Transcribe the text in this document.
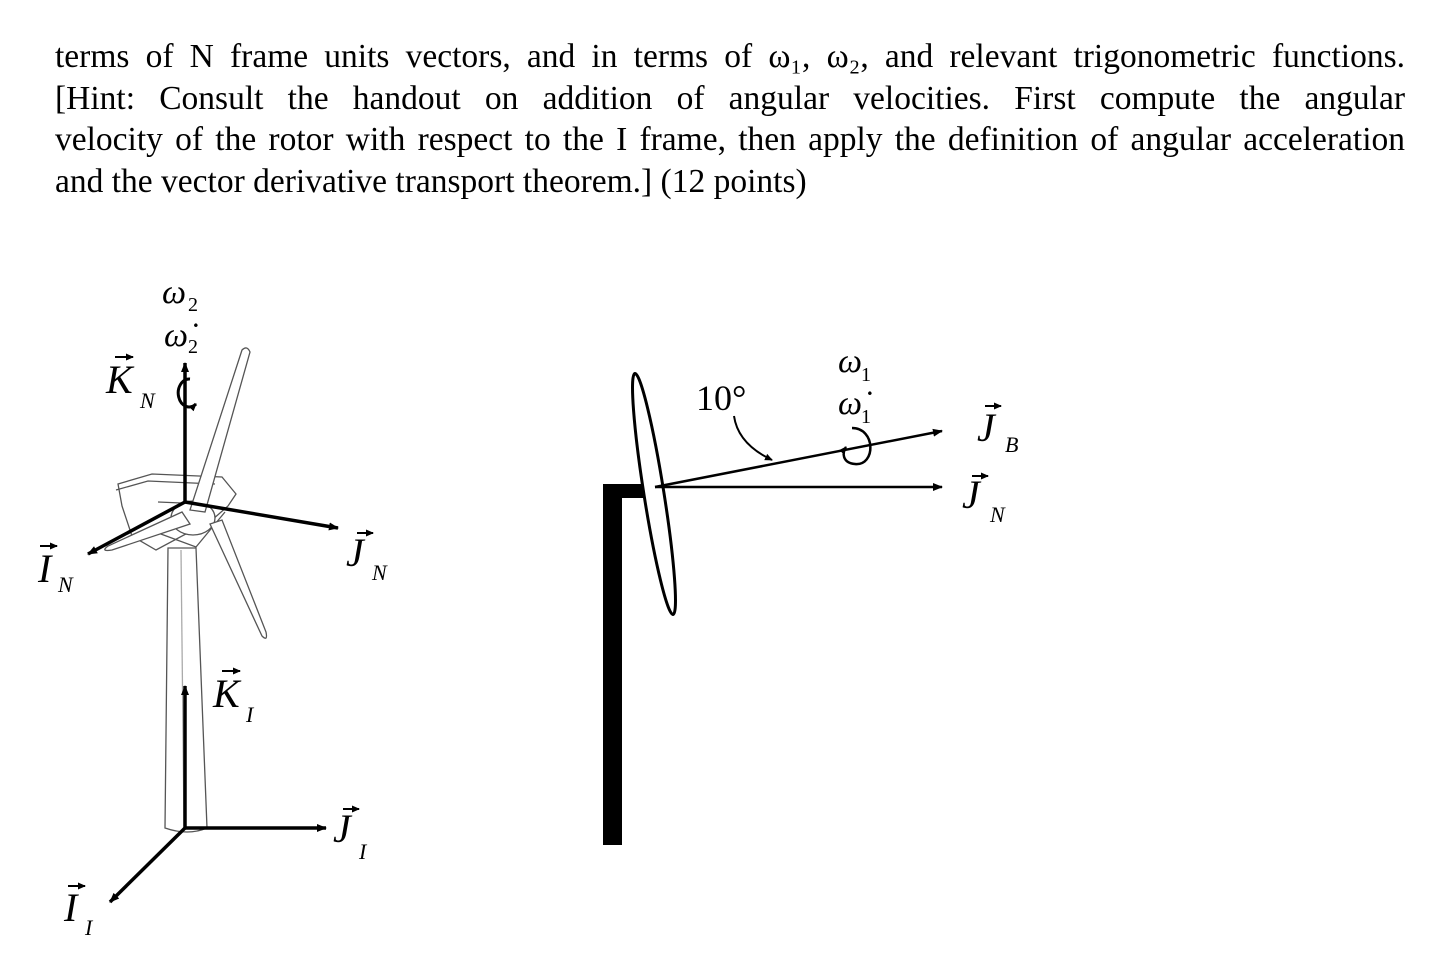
terms of N frame units vectors, and in terms of ω₁, ω₂, and relevant trigonometric functions.
[Hint: Consult the handout on addition of angular velocities. First compute the angular
velocity of the rotor with respect to the I frame, then apply the definition of angular acceleration
and the vector derivative transport theorem.] (12 points)
ω 2
ω̇ 2
K N
I N
J N
K I
J
I
I I
10°
ω
1
ω̇
1	J B
J N
